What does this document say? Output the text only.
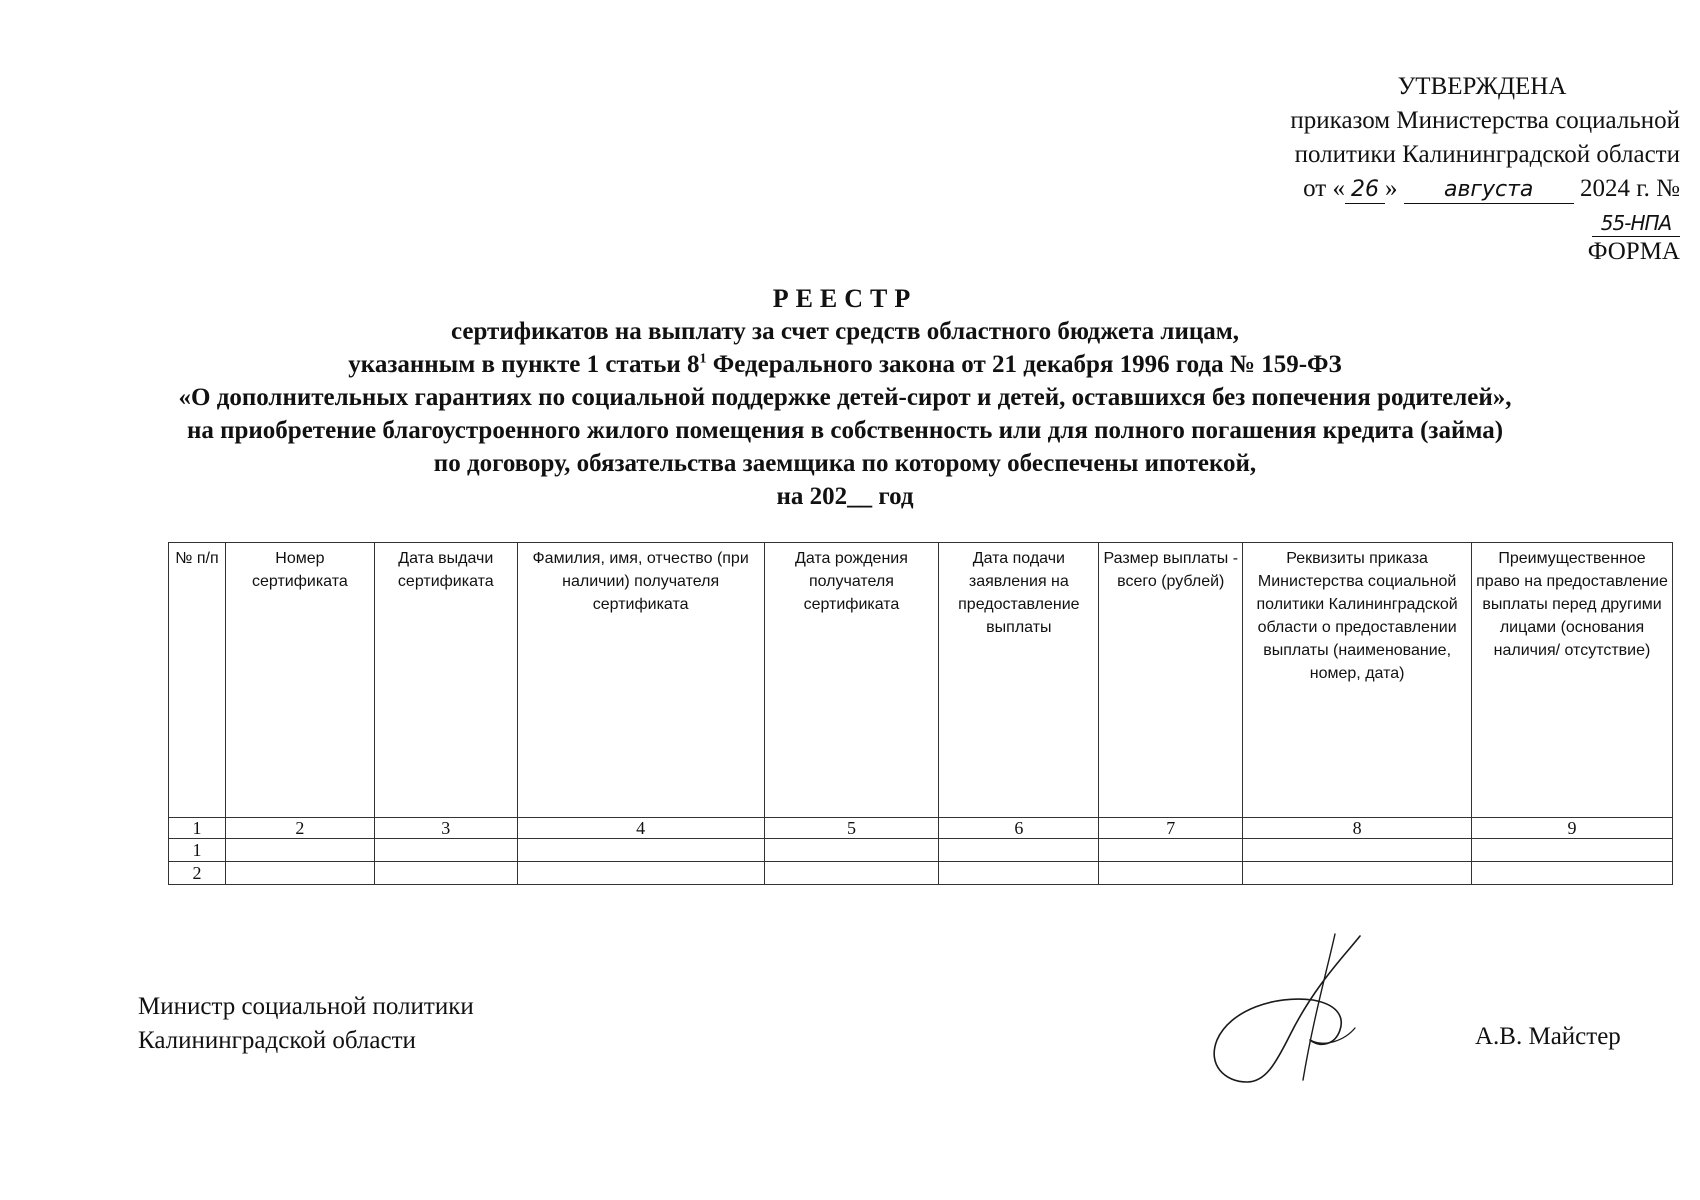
УТВЕРЖДЕНА
приказом Министерства социальной
политики Калининградской области
от « 26 » августа 2024 г. №55-НПА
ФОРМА
РЕЕСТР
сертификатов на выплату за счет средств областного бюджета лицам,
указанным в пункте 1 статьи $8^1$ Федерального закона от 21 декабря 1996 года № 159-ФЗ
«О дополнительных гарантиях по социальной поддержке детей-сирот и детей, оставшихся без попечения родителей»,
на приобретение благоустроенного жилого помещения в собственность или для полного погашения кредита (займа)
по договору, обязательства заемщика по которому обеспечены ипотекой,
на 202__ год
№ п/п	Номер сертификата	Дата выдачи сертификата	Фамилия, имя, отчество (при наличии) получателя сертификата	Дата рождения получателя сертификата	Дата подачи заявления на предоставление выплаты	Размер выплаты - всего (рублей)	Реквизиты приказа Министерства социальной политики Калининградской области о предоставлении выплаты (наименование, номер, дата)	Преимущественное право на предоставление выплаты перед другими лицами (основания наличия/ отсутствие)
1	2	3	4	5	6	7	8	9
1								
2								
Министр социальной политики
Калининградской области	А.В. Майстер
